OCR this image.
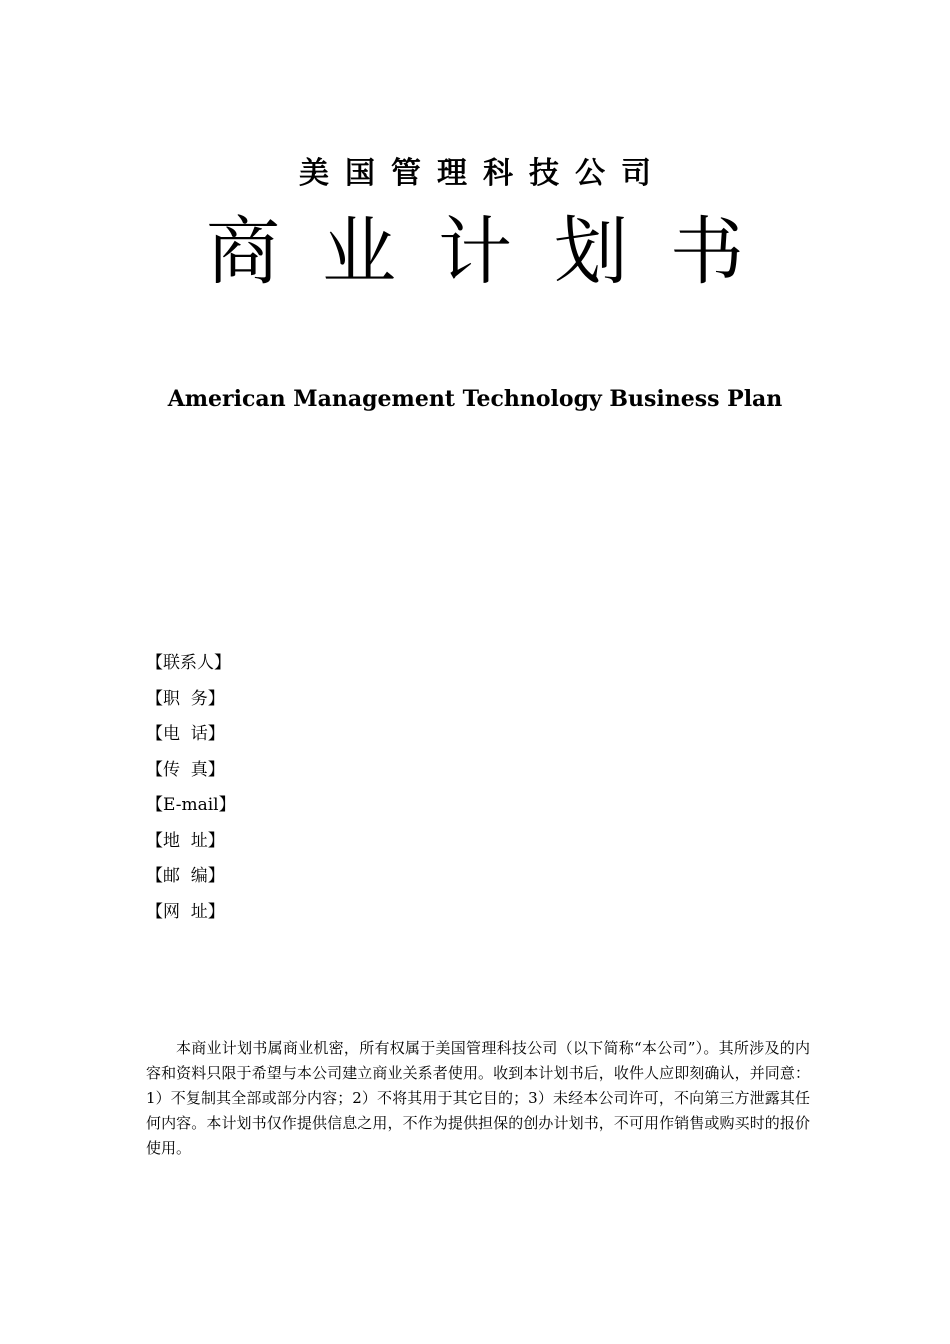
美国管理科技公司
商业计划书
American Management Technology Business Plan
【联系人】
【职  务】
【电  话】
【传  真】
【E-mail】
【地  址】
【邮  编】
【网  址】

本商业计划书属商业机密，所有权属于美国管理科技公司（以下简称“本公司”）。其所涉及的内容和资料只限于希望与本公司建立商业关系者使用。收到本计划书后，收件人应即刻确认，并同意：1）不复制其全部或部分内容；2）不将其用于其它目的；3）未经本公司许可，不向第三方泄露其任何内容。本计划书仅作提供信息之用，不作为提供担保的创办计划书，不可用作销售或购买时的报价使用。
